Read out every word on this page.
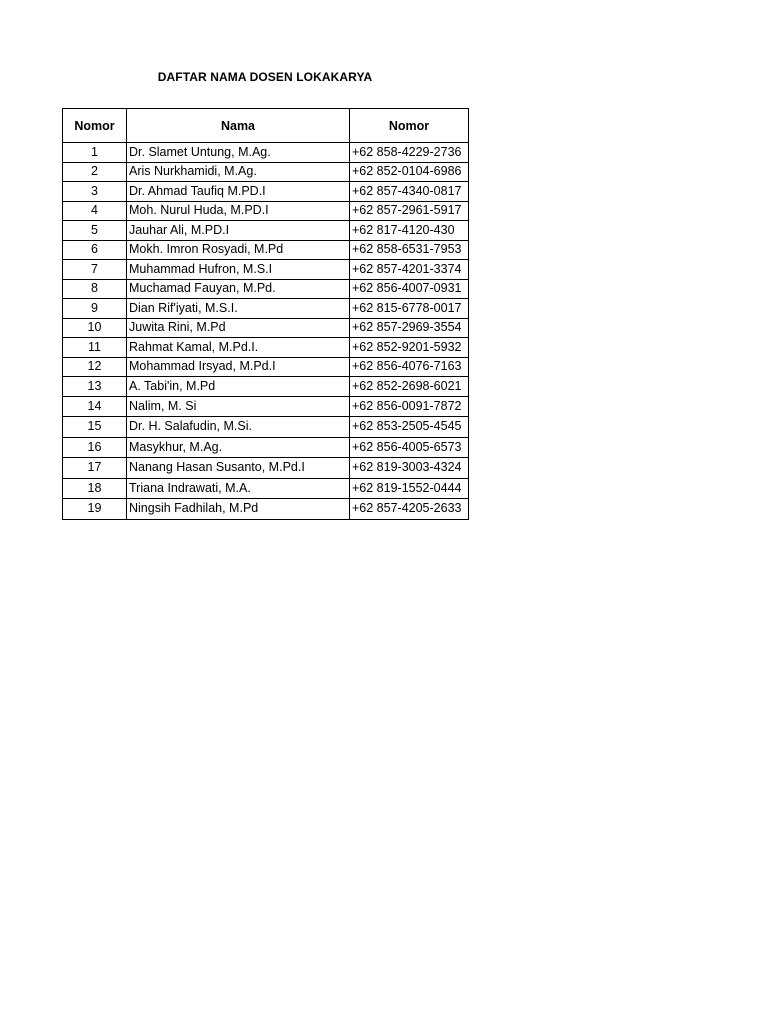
DAFTAR NAMA DOSEN LOKAKARYA
Nomor	Nama	Nomor
1	Dr. Slamet Untung, M.Ag.	+62 858-4229-2736
2	Aris Nurkhamidi, M.Ag.	+62 852-0104-6986
3	Dr. Ahmad Taufiq M.PD.I	+62 857-4340-0817
4	Moh. Nurul Huda, M.PD.I	+62 857-2961-5917
5	Jauhar Ali, M.PD.I	+62 817-4120-430
6	Mokh. Imron Rosyadi, M.Pd	+62 858-6531-7953
7	Muhammad Hufron, M.S.I	+62 857-4201-3374
8	Muchamad Fauyan, M.Pd.	+62 856-4007-0931
9	Dian Rif'iyati, M.S.I.	+62 815-6778-0017
10	Juwita Rini, M.Pd	+62 857-2969-3554
11	Rahmat Kamal, M.Pd.I.	+62 852-9201-5932
12	Mohammad Irsyad, M.Pd.I	+62 856-4076-7163
13	A. Tabi'in, M.Pd	+62 852-2698-6021
14	Nalim, M. Si	+62 856-0091-7872
15	Dr. H. Salafudin, M.Si.	+62 853-2505-4545
16	Masykhur, M.Ag.	+62 856-4005-6573
17	Nanang Hasan Susanto, M.Pd.I	+62 819-3003-4324
18	Triana Indrawati, M.A.	+62 819-1552-0444
19	Ningsih Fadhilah, M.Pd	+62 857-4205-2633
